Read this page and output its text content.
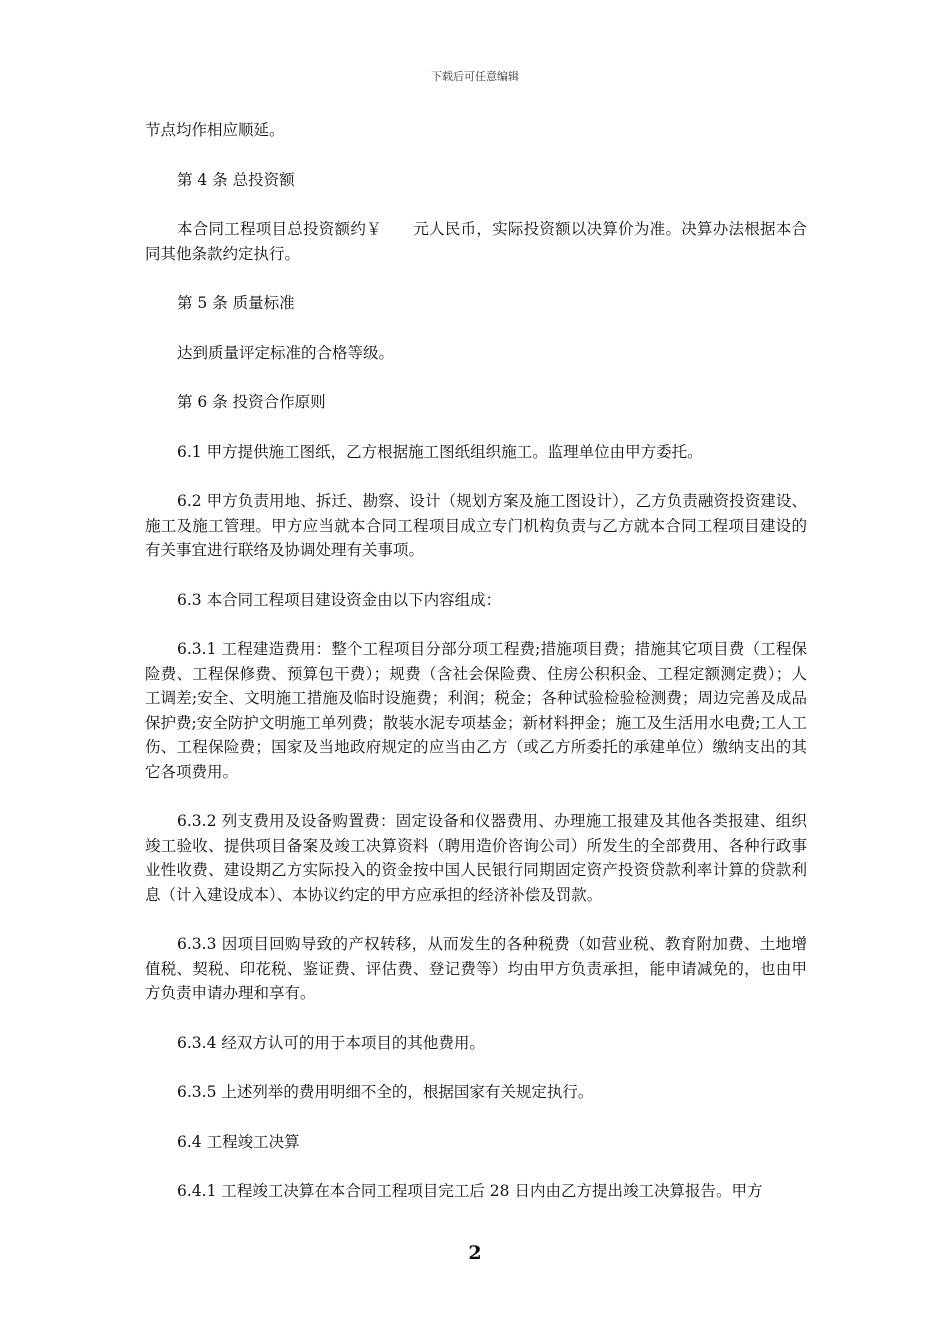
下载后可任意编辑

节点均作相应顺延。

第 4 条 总投资额

本合同工程项目总投资额约￥　　元人民币，实际投资额以决算价为准。决算办法根据本合同其他条款约定执行。

第 5 条 质量标准

达到质量评定标准的合格等级。

第 6 条 投资合作原则

6.1 甲方提供施工图纸，乙方根据施工图纸组织施工。监理单位由甲方委托。

6.2 甲方负责用地、拆迁、勘察、设计（规划方案及施工图设计），乙方负责融资投资建设、施工及施工管理。甲方应当就本合同工程项目成立专门机构负责与乙方就本合同工程项目建设的有关事宜进行联络及协调处理有关事项。

6.3 本合同工程项目建设资金由以下内容组成：

6.3.1 工程建造费用：整个工程项目分部分项工程费;措施项目费；措施其它项目费（工程保险费、工程保修费、预算包干费）；规费（含社会保险费、住房公积积金、工程定额测定费）；人工调差;安全、文明施工措施及临时设施费；利润；税金；各种试验检验检测费；周边完善及成品保护费;安全防护文明施工单列费；散装水泥专项基金；新材料押金；施工及生活用水电费;工人工伤、工程保险费；国家及当地政府规定的应当由乙方（或乙方所委托的承建单位）缴纳支出的其它各项费用。

6.3.2 列支费用及设备购置费：固定设备和仪器费用、办理施工报建及其他各类报建、组织竣工验收、提供项目备案及竣工决算资料（聘用造价咨询公司）所发生的全部费用、各种行政事业性收费、建设期乙方实际投入的资金按中国人民银行同期固定资产投资贷款利率计算的贷款利息（计入建设成本）、本协议约定的甲方应承担的经济补偿及罚款。

6.3.3 因项目回购导致的产权转移，从而发生的各种税费（如营业税、教育附加费、土地增值税、契税、印花税、鉴证费、评估费、登记费等）均由甲方负责承担，能申请减免的，也由甲方负责申请办理和享有。

6.3.4 经双方认可的用于本项目的其他费用。

6.3.5 上述列举的费用明细不全的，根据国家有关规定执行。

6.4 工程竣工决算

6.4.1 工程竣工决算在本合同工程项目完工后 28 日内由乙方提出竣工决算报告。甲方

2
